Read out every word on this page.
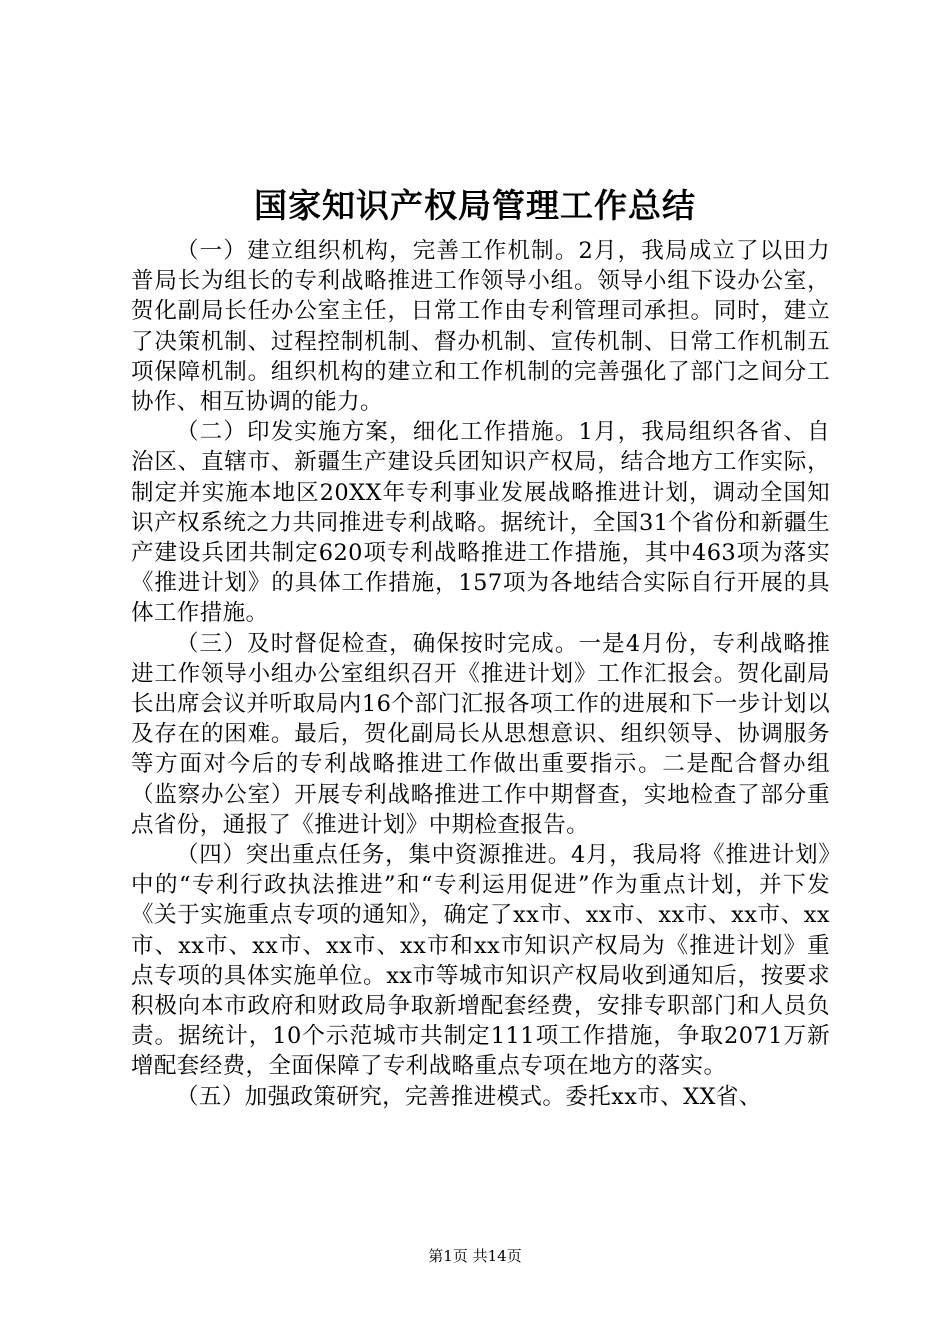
国家知识产权局管理工作总结

（一）建立组织机构，完善工作机制。2月，我局成立了以田力普局长为组长的专利战略推进工作领导小组。领导小组下设办公室，贺化副局长任办公室主任，日常工作由专利管理司承担。同时，建立了决策机制、过程控制机制、督办机制、宣传机制、日常工作机制五项保障机制。组织机构的建立和工作机制的完善强化了部门之间分工协作、相互协调的能力。

（二）印发实施方案，细化工作措施。1月，我局组织各省、自治区、直辖市、新疆生产建设兵团知识产权局，结合地方工作实际，制定并实施本地区20XX年专利事业发展战略推进计划，调动全国知识产权系统之力共同推进专利战略。据统计，全国31个省份和新疆生产建设兵团共制定620项专利战略推进工作措施，其中463项为落实《推进计划》的具体工作措施，157项为各地结合实际自行开展的具体工作措施。

（三）及时督促检查，确保按时完成。一是4月份，专利战略推进工作领导小组办公室组织召开《推进计划》工作汇报会。贺化副局长出席会议并听取局内16个部门汇报各项工作的进展和下一步计划以及存在的困难。最后，贺化副局长从思想意识、组织领导、协调服务等方面对今后的专利战略推进工作做出重要指示。二是配合督办组（监察办公室）开展专利战略推进工作中期督查，实地检查了部分重点省份，通报了《推进计划》中期检查报告。

（四）突出重点任务，集中资源推进。4月，我局将《推进计划》中的“专利行政执法推进”和“专利运用促进”作为重点计划，并下发《关于实施重点专项的通知》，确定了xx市、xx市、xx市、xx市、xx市、xx市、xx市、xx市、xx市和xx市知识产权局为《推进计划》重点专项的具体实施单位。xx市等城市知识产权局收到通知后，按要求积极向本市政府和财政局争取新增配套经费，安排专职部门和人员负责。据统计，10个示范城市共制定111项工作措施，争取2071万新增配套经费，全面保障了专利战略重点专项在地方的落实。

（五）加强政策研究，完善推进模式。委托xx市、XX省、

第1页 共14页
